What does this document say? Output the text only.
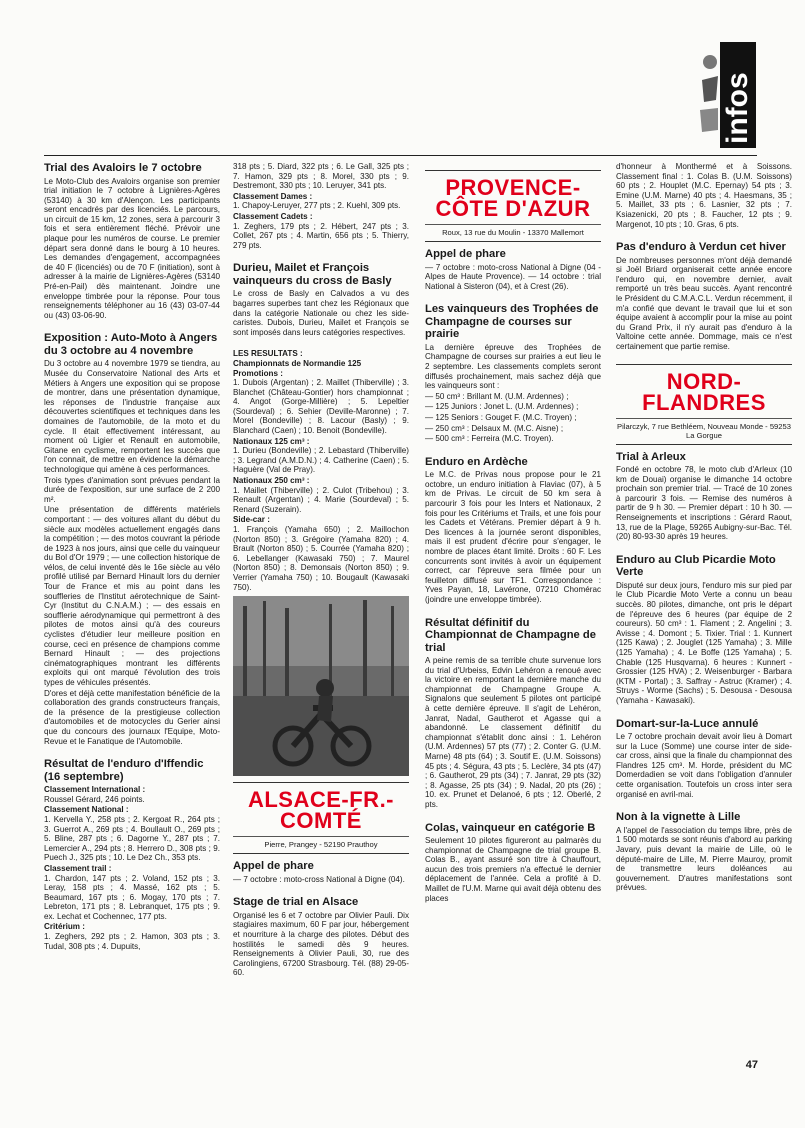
infos
Trial des Avaloirs le 7 octobre

Le Moto-Club des Avaloirs organise son premier trial initiation le 7 octobre à Lignières-Agères (53140) à 30 km d'Alençon. Les participants seront encadrés par des licenciés. Le parcours, un circuit de 15 km, 12 zones, sera à parcourir 3 fois et sera entièrement fléché. Prévoir une plaque pour les numéros de course. Le premier départ sera donné dans le bourg à 10 heures. Les demandes d'engagement, accompagnées de 40 F (licenciés) ou de 70 F (initiation), sont à adresser à la mairie de Lignières-Agères (53140 Pré-en-Pail) dès maintenant. Joindre une enveloppe timbrée pour la réponse. Pour tous renseignements téléphoner au 16 (43) 03-07-44 ou (43) 03-06-90.

Exposition : Auto-Moto à Angers du 3 octobre au 4 novembre

Du 3 octobre au 4 novembre 1979 se tiendra, au Musée du Conservatoire National des Arts et Métiers à Angers une exposition qui se propose de montrer, dans une présentation dynamique, les réponses de l'industrie française aux découvertes scientifiques et techniques dans les domaines de l'automobile, de la moto et du cycle. Il était effectivement intéressant, au moment où Ligier et Renault en automobile, Gitane en cyclisme, remportent les succès que l'on connait, de mettre en évidence la démarche technologique qui amène à ces performances.

Trois types d'animation sont prévues pendant la durée de l'exposition, sur une surface de 2 200 m².

Une présentation de différents matériels comportant : — des voitures allant du début du siècle aux modèles actuellement engagés dans la compétition ; — des motos couvrant la période de 1923 à nos jours, ainsi que celle du vainqueur du Bol d'Or 1979 ; — une collection historique de vélos, de celui inventé dès le 16e siècle au vélo profilé utilisé par Bernard Hinault lors du dernier Tour de France et mis au point dans les souffleries de l'Institut aérotechnique de Saint-Cyr (Institut du C.N.A.M.) ; — des essais en soufflerie aérodynamique qui permettront à des pilotes de motos ainsi qu'à des coureurs cyclistes d'étudier leur meilleure position en course, ceci en présence de champions comme Bernard Hinault ; — des projections cinématographiques montrant les différents exploits qui ont marqué l'évolution des trois types de véhicules présentés.

D'ores et déjà cette manifestation bénéficie de la collaboration des grands constructeurs français, de la présence de la prestigieuse collection d'automobiles et de motocycles du Gerier ainsi que du concours des journaux l'Equipe, Moto-Revue et le Fanatique de l'Automobile.

Résultat de l'enduro d'Iffendic (16 septembre)
Classement International :

Roussel Gérard, 246 points.

Classement National :

1. Kervella Y., 258 pts ; 2. Kergoat R., 264 pts ; 3. Guerrot A., 269 pts ; 4. Boullault O., 269 pts ; 5. Bline, 287 pts ; 6. Dagorne Y., 287 pts ; 7. Lemercier A., 294 pts ; 8. Herrero D., 308 pts ; 9. Puech J., 325 pts ; 10. Le Dez Ch., 353 pts.

Classement trail :

1. Chardon, 147 pts ; 2. Voland, 152 pts ; 3. Leray, 158 pts ; 4. Massé, 162 pts ; 5. Beaumard, 167 pts ; 6. Mogay, 170 pts ; 7. Lebreton, 171 pts ; 8. Lebranquet, 175 pts ; 9. ex. Lechat et Cochennec, 177 pts.

Critérium :

1. Zeghers, 292 pts ; 2. Hamon, 303 pts ; 3. Tudal, 308 pts ; 4. Dupuits,

318 pts ; 5. Diard, 322 pts ; 6. Le Gall, 325 pts ; 7. Hamon, 329 pts ; 8. Morel, 330 pts ; 9. Destremont, 330 pts ; 10. Leruyer, 341 pts.

Classement Dames :

1. Chapoy-Leruyer, 277 pts ; 2. Kuehl, 309 pts.

Classement Cadets :

1. Zeghers, 179 pts ; 2. Hébert, 247 pts ; 3. Collet, 267 pts ; 4. Martin, 656 pts ; 5. Thierry, 279 pts.

Durieu, Mailet et François vainqueurs du cross de Basly

Le cross de Basly en Calvados a vu des bagarres superbes tant chez les Régionaux que dans la catégorie Nationale ou chez les side-caristes. Dubois, Durieu, Mailet et François se sont imposés dans leurs catégories respectives.

LES RESULTATS :
Championnats de Normandie 125
Promotions :

1. Dubois (Argentan) ; 2. Maillet (Thiberville) ; 3. Blanchet (Château-Gontier) hors championnat ; 4. Angot (Gorge-Millière) ; 5. Lepeltier (Sourdeval) ; 6. Sehier (Deville-Maronne) ; 7. Morel (Bondeville) ; 8. Lacour (Basly) ; 9. Blanchard (Caen) ; 10. Benoit (Bondeville).

Nationaux 125 cm³ :

1. Durieu (Bondeville) ; 2. Lebastard (Thiberville) ; 3. Legrand (A.M.D.N.) ; 4. Catherine (Caen) ; 5. Haguère (Val de Pray).

Nationaux 250 cm³ :

1. Maillet (Thiberville) ; 2. Culot (Tribehou) ; 3. Renault (Argentan) ; 4. Marie (Sourdeval) ; 5. Renard (Suzerain).

Side-car :

1. François (Yamaha 650) ; 2. Maillochon (Norton 850) ; 3. Grégoire (Yamaha 820) ; 4. Brault (Norton 850) ; 5. Courrée (Yamaha 820) ; 6. Lebellanger (Kawasaki 750) ; 7. Maurel (Norton 850) ; 8. Demonsais (Norton 850) ; 9. Verrier (Yamaha 750) ; 10. Bougault (Kawasaki 750).

ALSACE-FR.-COMTÉ
Pierre, Prangey - 52190 Prauthoy
Appel de phare

— 7 octobre : moto-cross National à Digne (04).

Stage de trial en Alsace

Organisé les 6 et 7 octobre par Olivier Pauli. Dix stagiaires maximum, 60 F par jour, hébergement et nourriture à la charge des pilotes. Début des hostilités le samedi dès 9 heures. Renseignements à Olivier Pauli, 30, rue des Carolingiens, 67200 Strasbourg. Tél. (88) 29-05-60.

PROVENCE-CÔTE D'AZUR
Roux, 13 rue du Moulin - 13370 Mallemort
Appel de phare

— 7 octobre : moto-cross National à Digne (04 - Alpes de Haute Provence). — 14 octobre : trial National à Sisteron (04), et à Crest (26).

Les vainqueurs des Trophées de Champagne de courses sur prairie

La dernière épreuve des Trophées de Champagne de courses sur prairies a eut lieu le 2 septembre. Les classements complets seront diffusés prochainement, mais sachez déjà que les vainqueurs sont :

— 50 cm³ : Brillant M. (U.M. Ardennes) ;

— 125 Juniors : Jonet L. (U.M. Ardennes) ;

— 125 Seniors : Gouget F. (M.C. Troyen) ;

— 250 cm³ : Delsaux M. (M.C. Aisne) ;

— 500 cm³ : Ferreira (M.C. Troyen).

Enduro en Ardèche

Le M.C. de Privas nous propose pour le 21 octobre, un enduro initiation à Flaviac (07), à 5 km de Privas. Le circuit de 50 km sera à parcourir 3 fois pour les Inters et Nationaux, 2 fois pour les Critériums et Trails, et une fois pour les Cadets et Vétérans. Premier départ à 9 h. Des licences à la journée seront disponibles, mais il est prudent d'écrire pour s'engager, le nombre de places étant limité. Droits : 60 F. Les concurrents sont invités à avoir un équipement correct, car l'épreuve sera filmée pour un feuilleton diffusé sur TF1. Correspondance : Yves Payan, 18, Lavérone, 07210 Chomérac (joindre une enveloppe timbrée).

Résultat définitif du Championnat de Champagne de trial

A peine remis de sa terrible chute survenue lors du trial d'Urbeiss, Edvin Lehéron a renoué avec la victoire en remportant la dernière manche du championnat de Champagne Groupe A. Signalons que seulement 5 pilotes ont participé à cette dernière épreuve. Il s'agit de Lehéron, Janrat, Nadal, Gautherot et Agasse qui a abandonné. Le classement définitif du championnat s'établit donc ainsi : 1. Lehéron (U.M. Ardennes) 57 pts (77) ; 2. Conter G. (U.M. Marne) 48 pts (64) ; 3. Soutif E. (U.M. Soissons) 45 pts ; 4. Ségura, 43 pts ; 5. Leclère, 34 pts (47) ; 6. Gautherot, 29 pts (34) ; 7. Janrat, 29 pts (32) ; 8. Agasse, 25 pts (34) ; 9. Nadal, 20 pts (26) ; 10. ex. Prunet et Delanoé, 6 pts ; 12. Oberlé, 2 pts.

Colas, vainqueur en catégorie B

Seulement 10 pilotes figureront au palmarès du championnat de Champagne de trial groupe B. Colas B., ayant assuré son titre à Chauffourt, aucun des trois premiers n'a effectué le dernier déplacement de l'année. Cela a profité à D. Maillet de l'U.M. Marne qui avait déjà obtenu des places

d'honneur à Monthermé et à Soissons. Classement final : 1. Colas B. (U.M. Soissons) 60 pts ; 2. Houplet (M.C. Epernay) 54 pts ; 3. Emine (U.M. Marne) 40 pts ; 4. Haesmans, 35 ; 5. Maillet, 33 pts ; 6. Lasnier, 32 pts ; 7. Ksiazenicki, 20 pts ; 8. Faucher, 12 pts ; 9. Margenot, 10 pts ; 10. Gras, 6 pts.

Pas d'enduro à Verdun cet hiver

De nombreuses personnes m'ont déjà demandé si Joël Briard organiserait cette année encore l'enduro qui, en novembre dernier, avait remporté un très beau succès. Ayant rencontré le Président du C.M.A.C.L. Verdun récemment, il m'a confié que devant le travail que lui et son équipe avaient à accomplir pour la mise au point du Grand Prix, il n'y aurait pas d'enduro à la Valtoine cette année. Dommage, mais ce n'est certainement que partie remise.

NORD-FLANDRES
Pilarczyk, 7 rue Bethléem, Nouveau Monde - 59253 La Gorgue
Trial à Arleux

Fondé en octobre 78, le moto club d'Arleux (10 km de Douai) organise le dimanche 14 octobre prochain son premier trial. — Tracé de 10 zones à parcourir 3 fois. — Remise des numéros à partir de 9 h 30. — Premier départ : 10 h 30. — Renseignements et inscriptions : Gérard Raout, 13, rue de la Plage, 59265 Aubigny-sur-Bac. Tél. (20) 80-93-30 après 19 heures.

Enduro au Club Picardie Moto Verte

Disputé sur deux jours, l'enduro mis sur pied par le Club Picardie Moto Verte a connu un beau succès. 80 pilotes, dimanche, ont pris le départ de l'épreuve des 6 heures (par équipe de 2 coureurs). 50 cm³ : 1. Flament ; 2. Angelini ; 3. Avisse ; 4. Domont ; 5. Tixier. Trial : 1. Kunnert (125 Kawa) ; 2. Jouglet (125 Yamaha) ; 3. Mille (125 Yamaha) ; 4. Le Boffe (125 Yamaha) ; 5. Chable (125 Husqvarna). 6 heures : Kunnert - Grossier (125 HVA) ; 2. Weisenburger - Barbara (KTM - Portal) ; 3. Saffray - Astruc (Kramer) ; 4. Struys - Worme (Sachs) ; 5. Desousa - Desousa (Yamaha - Kawasaki).

Domart-sur-la-Luce annulé

Le 7 octobre prochain devait avoir lieu à Domart sur la Luce (Somme) une course inter de side-car cross, ainsi que la finale du championnat des Flandres 125 cm³. M. Horde, président du MC Domerdadien se voit dans l'obligation d'annuler cette organisation. Toutefois un cross inter sera organisé en avril-mai.

Non à la vignette à Lille

A l'appel de l'association du temps libre, près de 1 500 motards se sont réunis d'abord au parking Javary, puis devant la mairie de Lille, où le député-maire de Lille, M. Pierre Mauroy, promit de transmettre leurs doléances au gouvernement. D'autres manifestations sont prévues.

47
